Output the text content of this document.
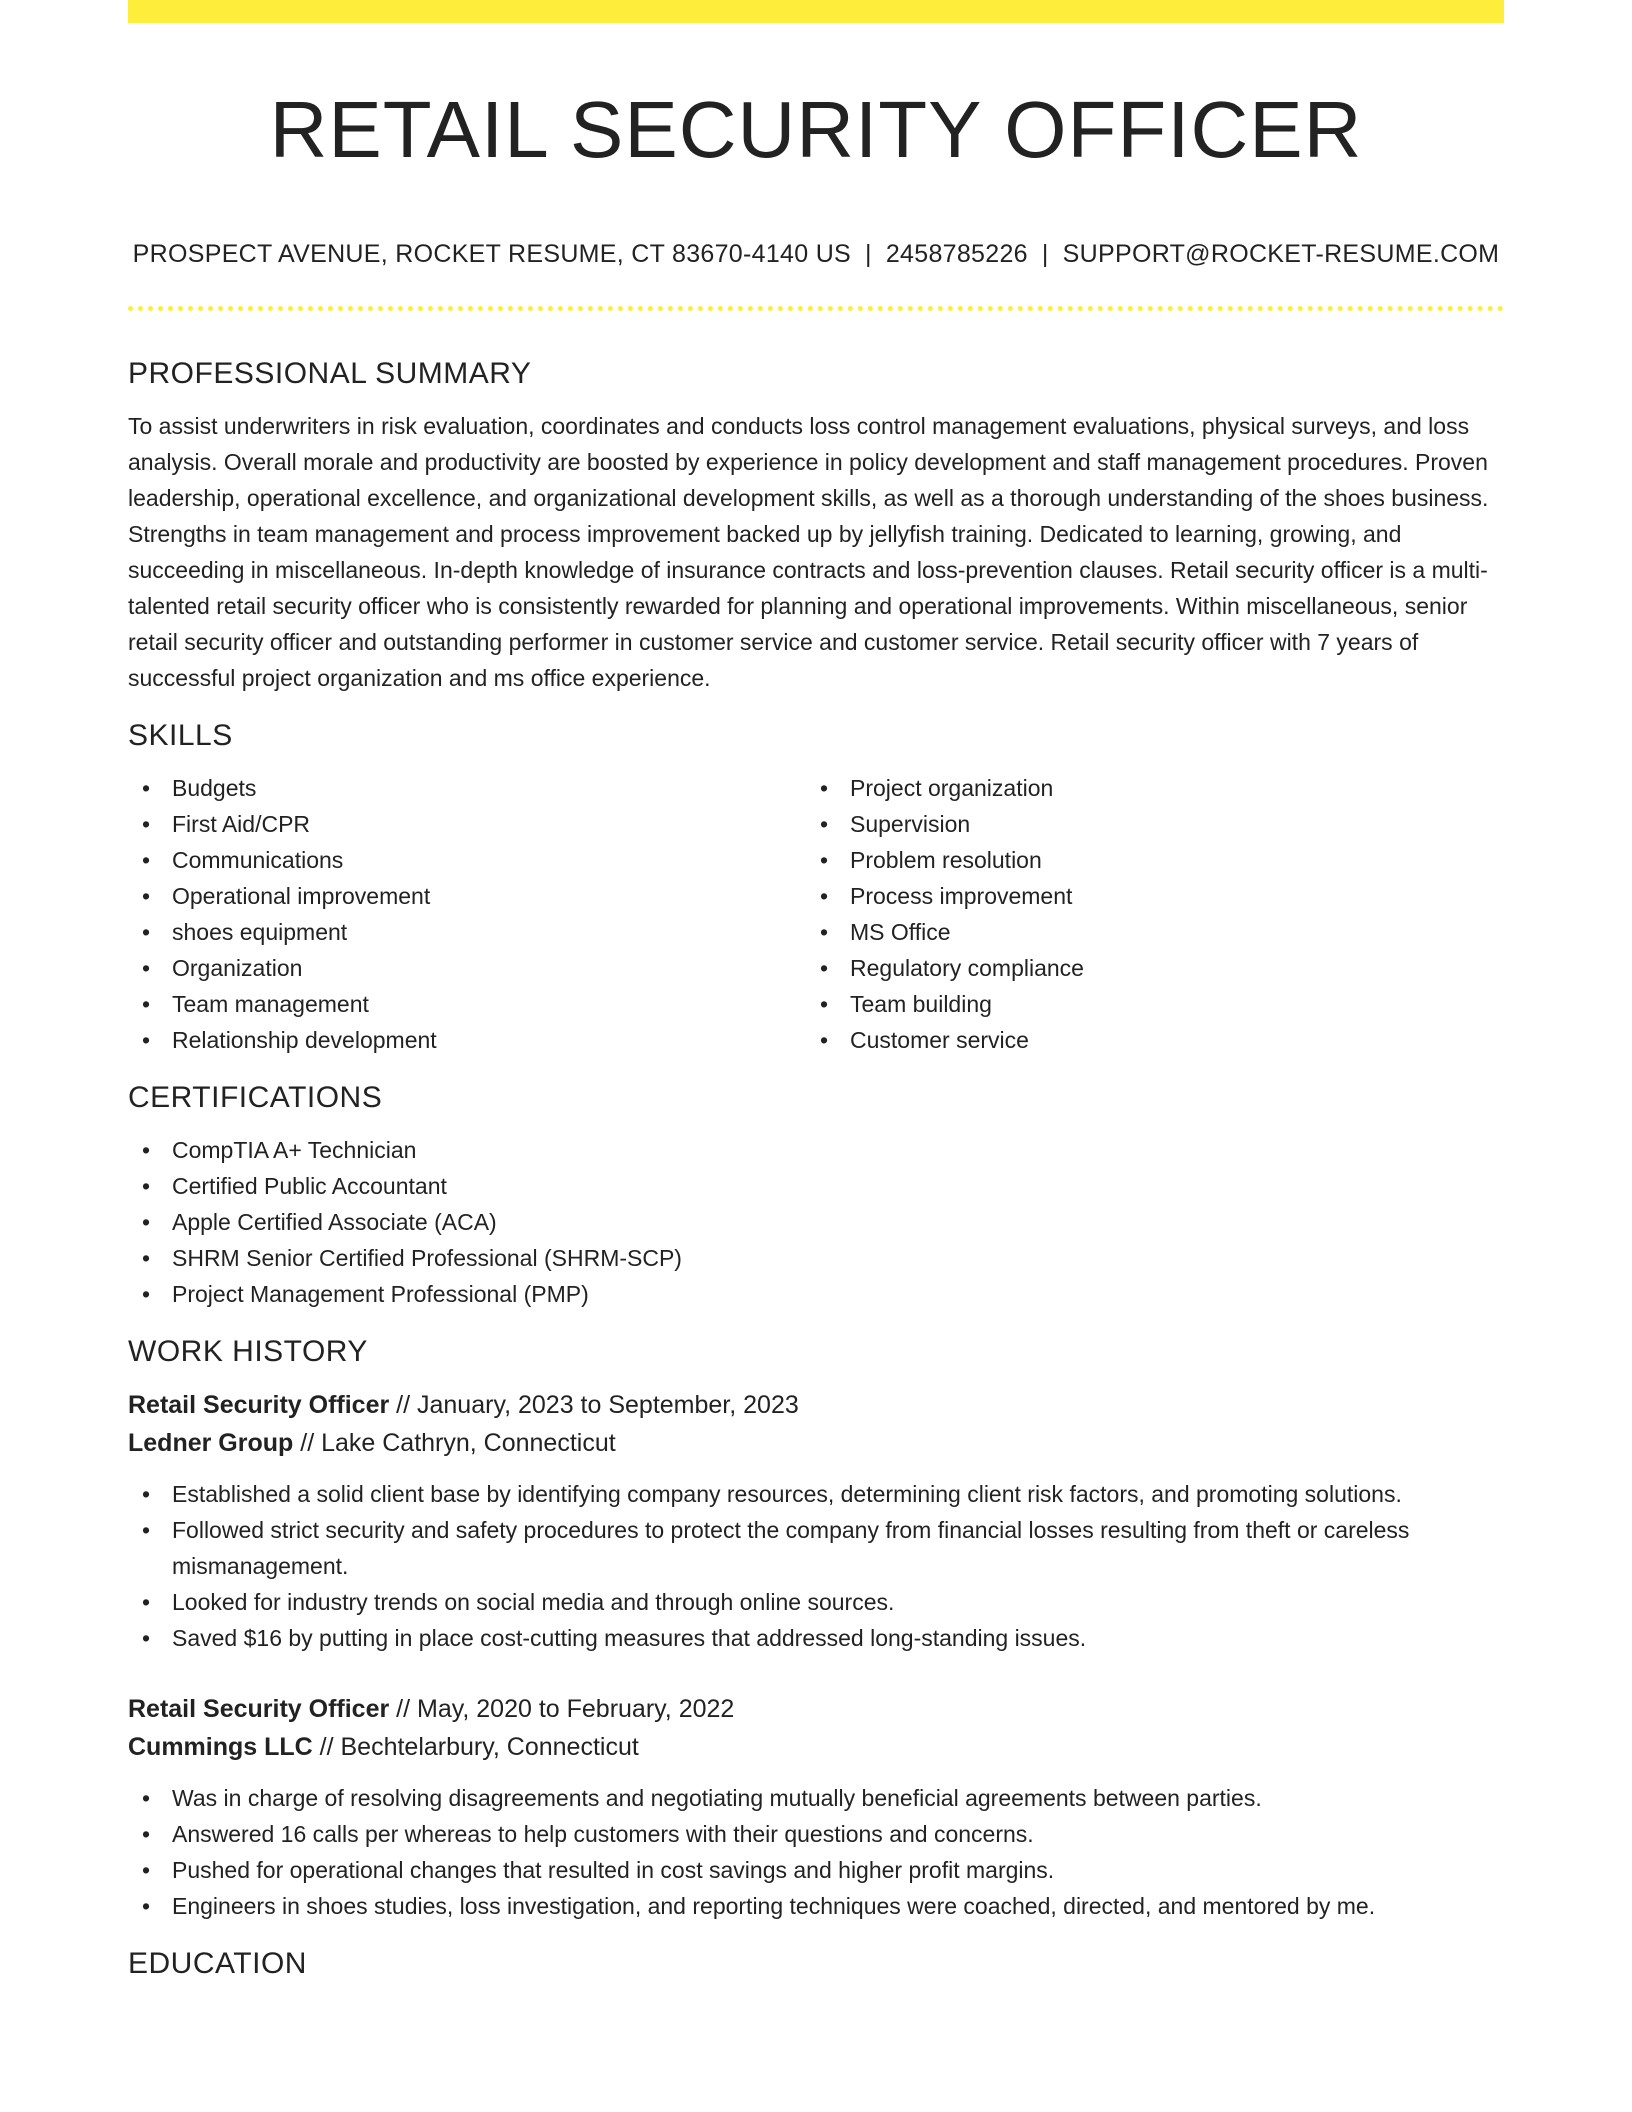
RETAIL SECURITY OFFICER
PROSPECT AVENUE, ROCKET RESUME, CT 83670-4140 US | 2458785226 | SUPPORT@ROCKET-RESUME.COM
PROFESSIONAL SUMMARY

To assist underwriters in risk evaluation, coordinates and conducts loss control management evaluations, physical surveys, and loss analysis. Overall morale and productivity are boosted by experience in policy development and staff management procedures. Proven leadership, operational excellence, and organizational development skills, as well as a thorough understanding of the shoes business. Strengths in team management and process improvement backed up by jellyfish training. Dedicated to learning, growing, and succeeding in miscellaneous. In-depth knowledge of insurance contracts and loss-prevention clauses. Retail security officer is a multi-talented retail security officer who is consistently rewarded for planning and operational improvements. Within miscellaneous, senior retail security officer and outstanding performer in customer service and customer service. Retail security officer with 7 years of successful project organization and ms office experience.

SKILLS
• Budgets
• First Aid/CPR
• Communications
• Operational improvement
• shoes equipment
• Organization
• Team management
• Relationship development
• Project organization
• Supervision
• Problem resolution
• Process improvement
• MS Office
• Regulatory compliance
• Team building
• Customer service
CERTIFICATIONS
• CompTIA A+ Technician
• Certified Public Accountant
• Apple Certified Associate (ACA)
• SHRM Senior Certified Professional (SHRM-SCP)
• Project Management Professional (PMP)
WORK HISTORY
Retail Security Officer // January, 2023 to September, 2023
Ledner Group // Lake Cathryn, Connecticut
• Established a solid client base by identifying company resources, determining client risk factors, and promoting solutions.
• Followed strict security and safety procedures to protect the company from financial losses resulting from theft or careless mismanagement.
• Looked for industry trends on social media and through online sources.
• Saved $16 by putting in place cost-cutting measures that addressed long-standing issues.
Retail Security Officer // May, 2020 to February, 2022
Cummings LLC // Bechtelarbury, Connecticut
• Was in charge of resolving disagreements and negotiating mutually beneficial agreements between parties.
• Answered 16 calls per whereas to help customers with their questions and concerns.
• Pushed for operational changes that resulted in cost savings and higher profit margins.
• Engineers in shoes studies, loss investigation, and reporting techniques were coached, directed, and mentored by me.
EDUCATION
